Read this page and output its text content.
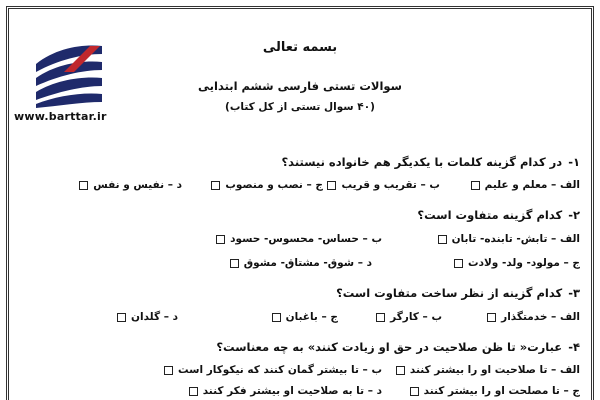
www.barttar.ir
بسمه تعالی
سوالات تستی فارسی ششم ابتدایی
(۴۰ سوال تستی از کل کتاب)
۱- در کدام گزینه کلمات با یکدیگر هم خانواده نیستند؟
الف – معلم و علیم
ب – تقریب و قریب
ج – نصب و منصوب
د – نفیس و نفس
۲- کدام گزینه متفاوت است؟
الف – تابش- تابنده- تابان
ب – حساس- محسوس- حسود
ج – مولود- ولد- ولادت
د – شوق- مشتاق- مشوق
۳- کدام گزینه از نظر ساخت متفاوت است؟
الف – خدمتگذار
ب – کارگر
ج – باغبان
د – گلدان
۴- عبارت« تا ظن صلاحیت در حق او زیادت کنند» به چه معناست؟
الف – تا صلاحیت او را بیشتر کنند
ب – تا بیشتر گمان کنند که نیکوکار است
ج – تا مصلحت او را بیشتر کنند
د – تا به صلاحیت او بیشتر فکر کنند
